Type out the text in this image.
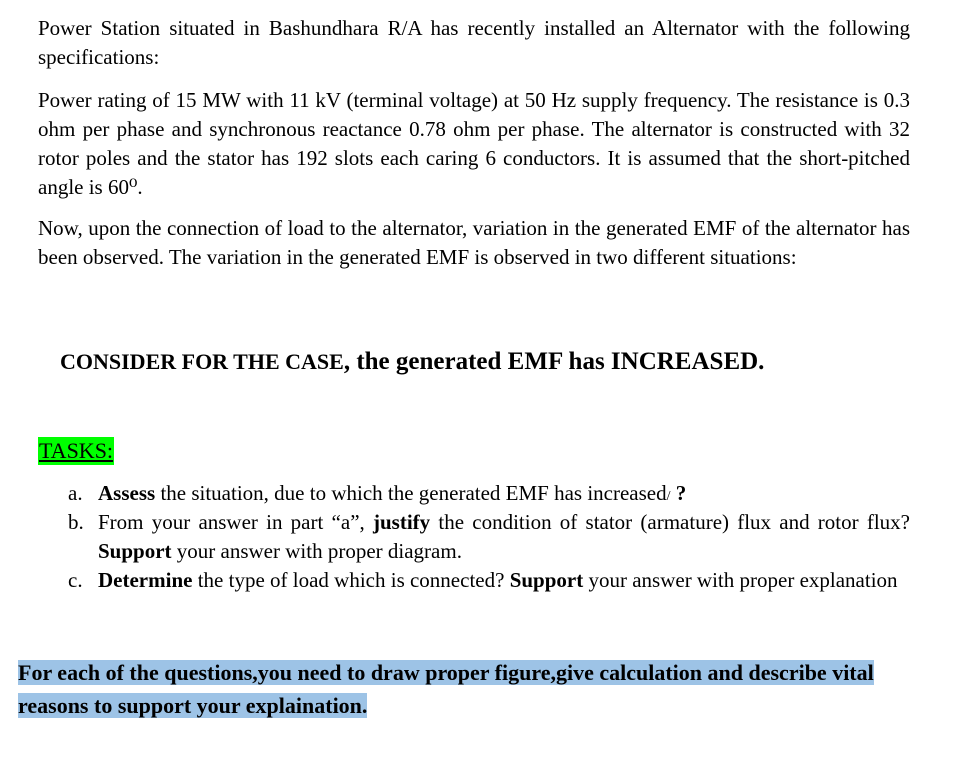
Power Station situated in Bashundhara R/A has recently installed an Alternator with the following specifications:

Power rating of 15 MW with 11 kV (terminal voltage) at 50 Hz supply frequency. The resistance is 0.3 ohm per phase and synchronous reactance 0.78 ohm per phase. The alternator is constructed with 32 rotor poles and the stator has 192 slots each caring 6 conductors. It is assumed that the short-pitched angle is 60⁰.

Now, upon the connection of load to the alternator, variation in the generated EMF of the alternator has been observed. The variation in the generated EMF is observed in two different situations:

CONSIDER FOR THE CASE, the generated EMF has INCREASED.
TASKS:
a. Assess the situation, due to which the generated EMF has increased/ ?
b. From your answer in part “a”, justify the condition of stator (armature) flux and rotor flux? Support your answer with proper diagram.
c. Determine the type of load which is connected? Support your answer with proper explanation
For each of the questions,you need to draw proper figure,give calculation and describe vital
reasons to support your explaination.
